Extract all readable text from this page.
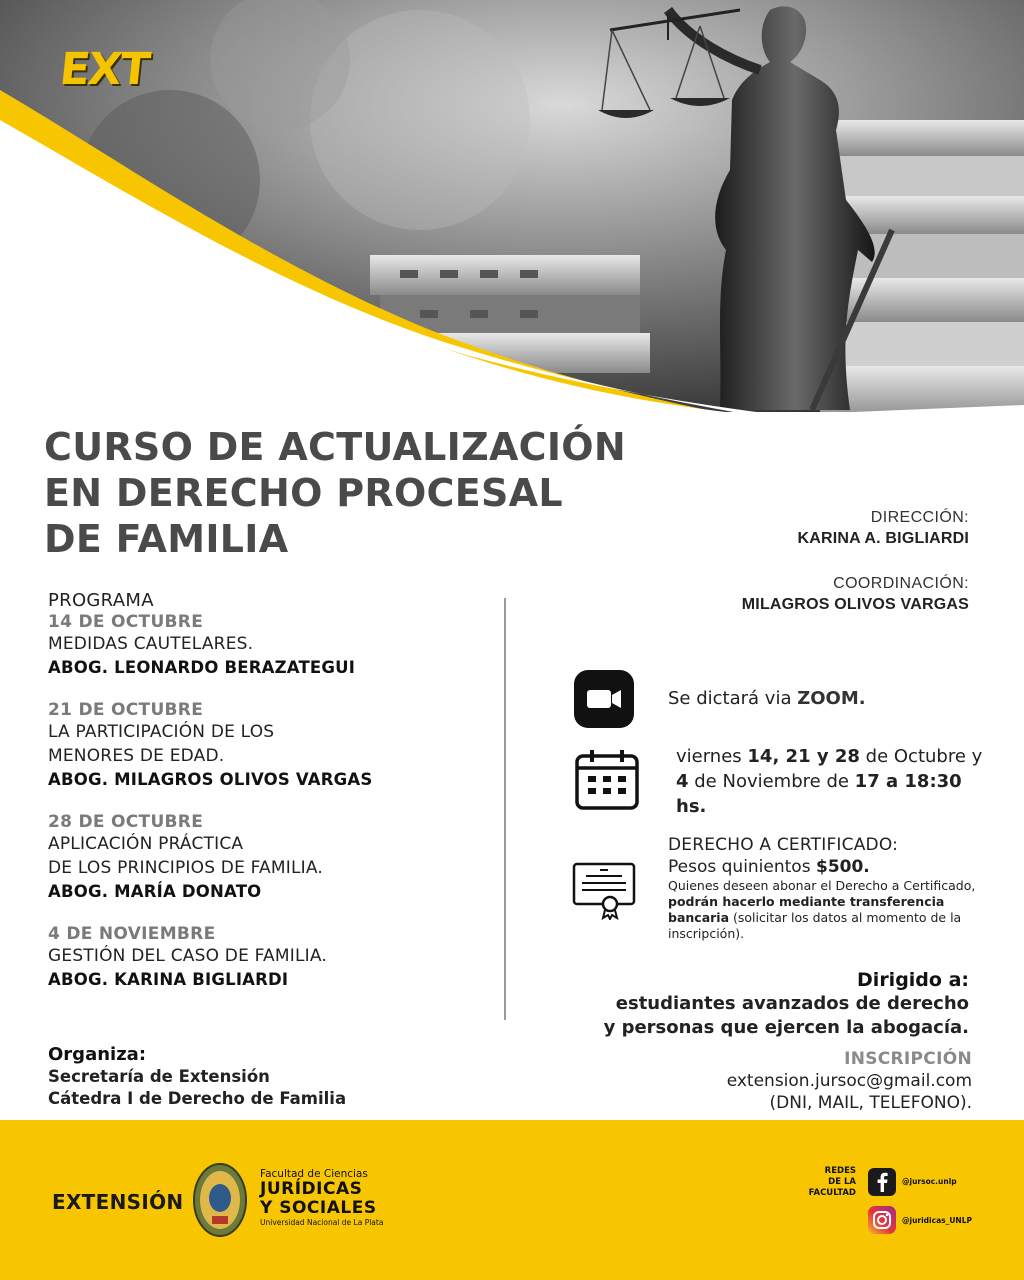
EXT
CURSO DE ACTUALIZACIÓN
EN DERECHO PROCESAL
DE FAMILIA	DIRECCIÓN:
KARINA A. BIGLIARDI
COORDINACIÓN:
MILAGROS OLIVOS VARGAS
PROGRAMA
14 DE OCTUBRE
MEDIDAS CAUTELARES.
ABOG. LEONARDO BERAZATEGUI
21 DE OCTUBRE
LA PARTICIPACIÓN DE LOS
MENORES DE EDAD.
ABOG. MILAGROS OLIVOS VARGAS
28 DE OCTUBRE
APLICACIÓN PRÁCTICA
DE LOS PRINCIPIOS DE FAMILIA.
ABOG. MARÍA DONATO
4 DE NOVIEMBRE
GESTIÓN DEL CASO DE FAMILIA.
ABOG. KARINA BIGLIARDI
Organiza:
Secretaría de Extensión
Cátedra I de Derecho de Familia
Se dictará via ZOOM.
viernes 14, 21 y 28 de Octubre y 4 de Noviembre de 17 a 18:30 hs.
DERECHO A CERTIFICADO:
Pesos quinientos $500.
Quienes deseen abonar el Derecho a Certificado, podrán hacerlo mediante transferencia bancaria (solicitar los datos al momento de la inscripción).
Dirigido a:
estudiantes avanzados de derecho
y personas que ejercen la abogacía.
INSCRIPCIÓN
extension.jursoc@gmail.com
(DNI, MAIL, TELEFONO).
EXTENSIÓN
Facultad de Ciencias
JURÍDICAS
Y SOCIALES
Universidad Nacional de La Plata
REDES
DE LA
FACULTAD
@jursoc.unlp
@juridicas_UNLP
